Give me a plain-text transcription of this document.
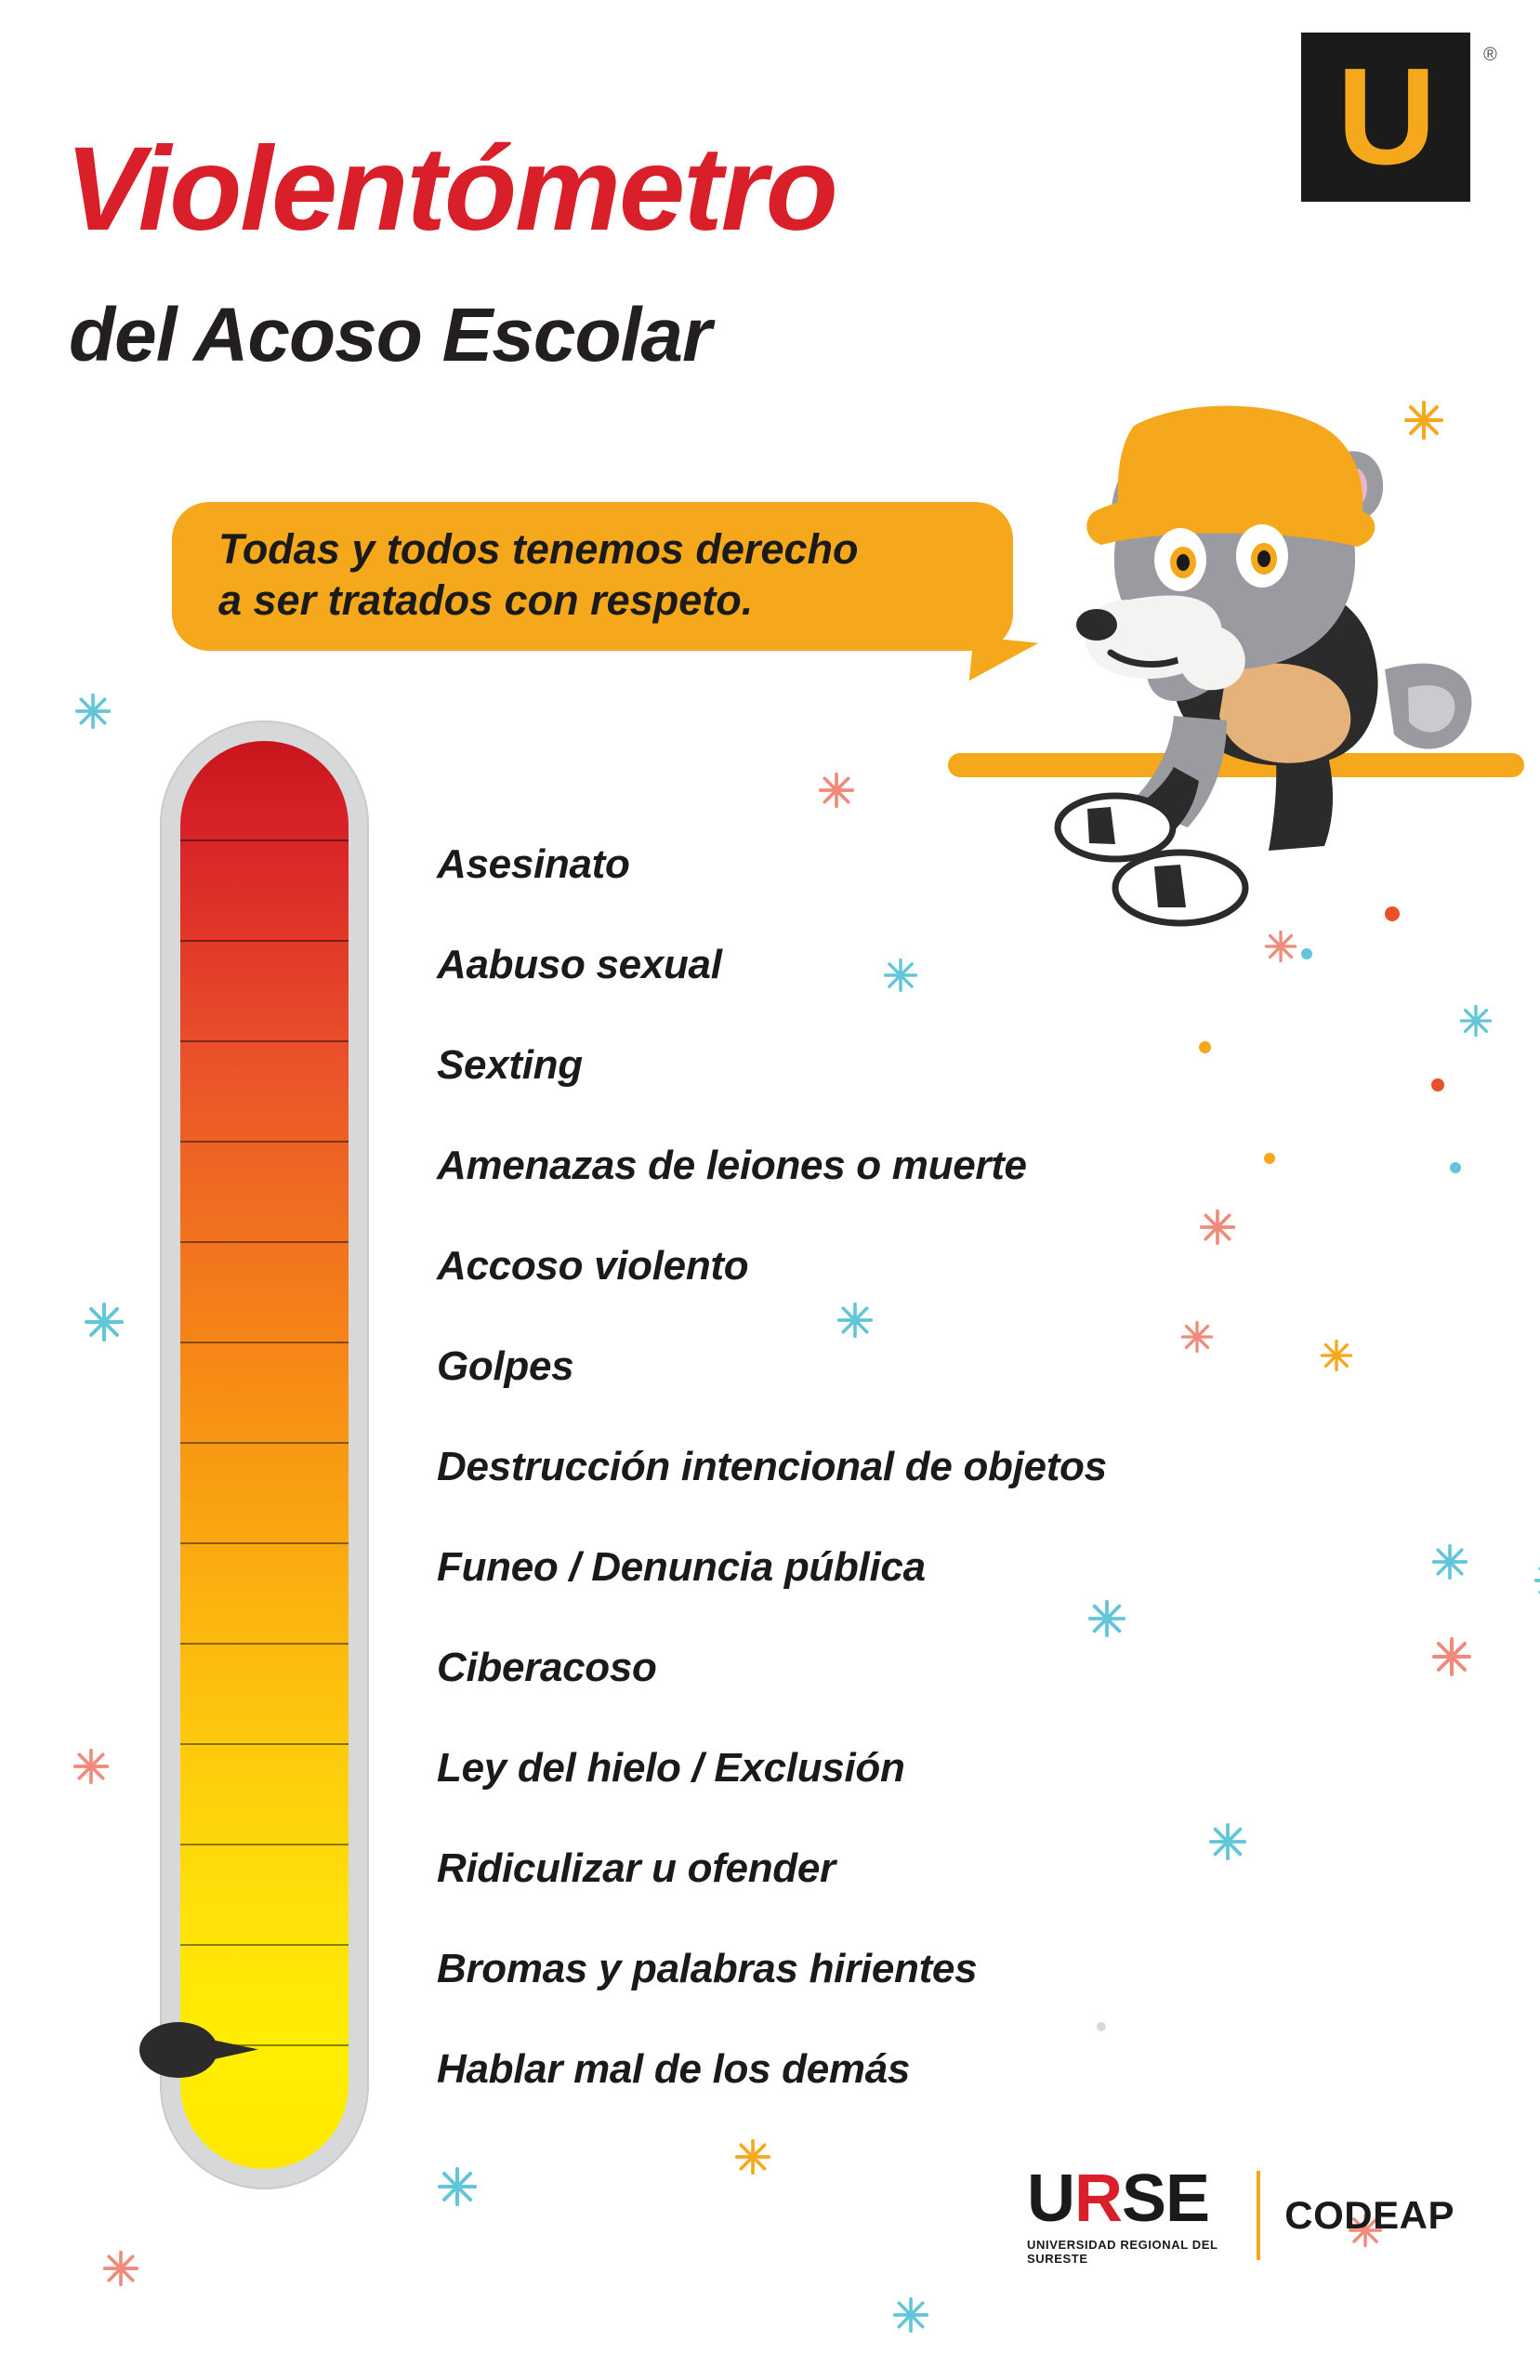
U	®
Violentómetro
del Acoso Escolar
Todas y todos tenemos derecho
a ser tratados con respeto.
Asesinato
Aabuso sexual
Sexting
Amenazas de leiones o muerte
Accoso violento
Golpes
Destrucción intencional de objetos
Funeo / Denuncia pública
Ciberacoso
Ley del hielo / Exclusión
Ridiculizar u ofender
Bromas y palabras hirientes
Hablar mal de los demás
URSE
UNIVERSIDAD REGIONAL DEL SURESTE
CODEAP
